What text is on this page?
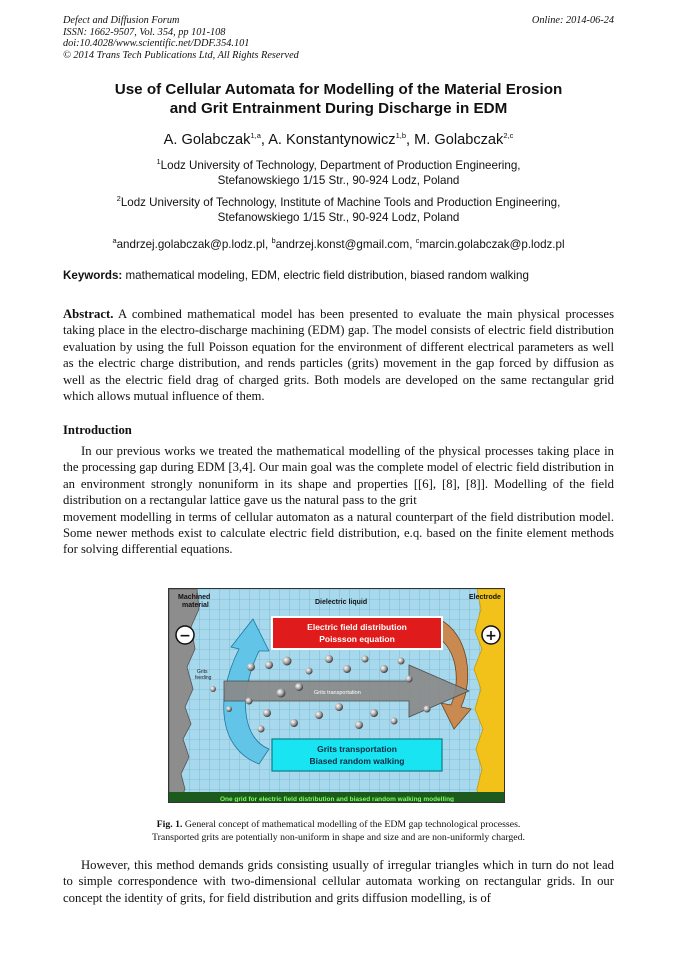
Defect and Diffusion Forum
ISSN: 1662-9507, Vol. 354, pp 101-108
doi:10.4028/www.scientific.net/DDF.354.101
© 2014 Trans Tech Publications Ltd, All Rights Reserved
Online: 2014-06-24
Use of Cellular Automata for Modelling of the Material Erosion
and Grit Entrainment During Discharge in EDM
A. Golabczak$^{1,a}$, A. Konstantynowicz$^{1,b}$, M. Golabczak$^{2,c}$
$^1$Lodz University of Technology, Department of Production Engineering,
Stefanowskiego 1/15 Str., 90-924 Lodz, Poland
$^2$Lodz University of Technology, Institute of Machine Tools and Production Engineering,
Stefanowskiego 1/15 Str., 90-924 Lodz, Poland
$^a$andrzej.golabczak@p.lodz.pl, $^b$andrzej.konst@gmail.com, $^c$marcin.golabczak@p.lodz.pl
Keywords: mathematical modeling, EDM, electric field distribution, biased random walking
Abstract. A combined mathematical model has been presented to evaluate the main physical processes taking place in the electro-discharge machining (EDM) gap. The model consists of electric field distribution evaluation by using the full Poisson equation for the environment of different electrical parameters as well as the electric charge distribution, and rends particles (grits) movement in the gap forced by diffusion as well as the electric field drag of charged grits. Both models are developed on the same rectangular grid which allows mutual influence of them.
Introduction
In our previous works we treated the mathematical modelling of the physical processes taking place in the processing gap during EDM [3,4]. Our main goal was the complete model of electric field distribution in an environment strongly nonuniform in its shape and properties [[6], [8], [8]]. Modelling of the field distribution on a rectangular lattice gave us the natural pass to the grit
movement modelling in terms of cellular automaton as a natural counterpart of the field distribution model. Some newer methods exist to calculate electric field distribution, e.q. based on the finite element methods for solving differential equations.
Machined
material	Dielectric liquid
Electrode
−	+
Grits transportation
Grits
feeding
Electric field distribution
Poissson equation
Grits transportation
Biased random walking
One grid for electric field distribution and biased random walking modelling
Fig. 1. General concept of mathematical modelling of the EDM gap technological processes.
Transported grits are potentially non-uniform in shape and size and are non-uniformly charged.
However, this method demands grids consisting usually of irregular triangles which in turn do not lead to simple correspondence with two-dimensional cellular automata working on rectangular grids. In our concept the identity of grits, for field distribution and grits diffusion modelling, is of
